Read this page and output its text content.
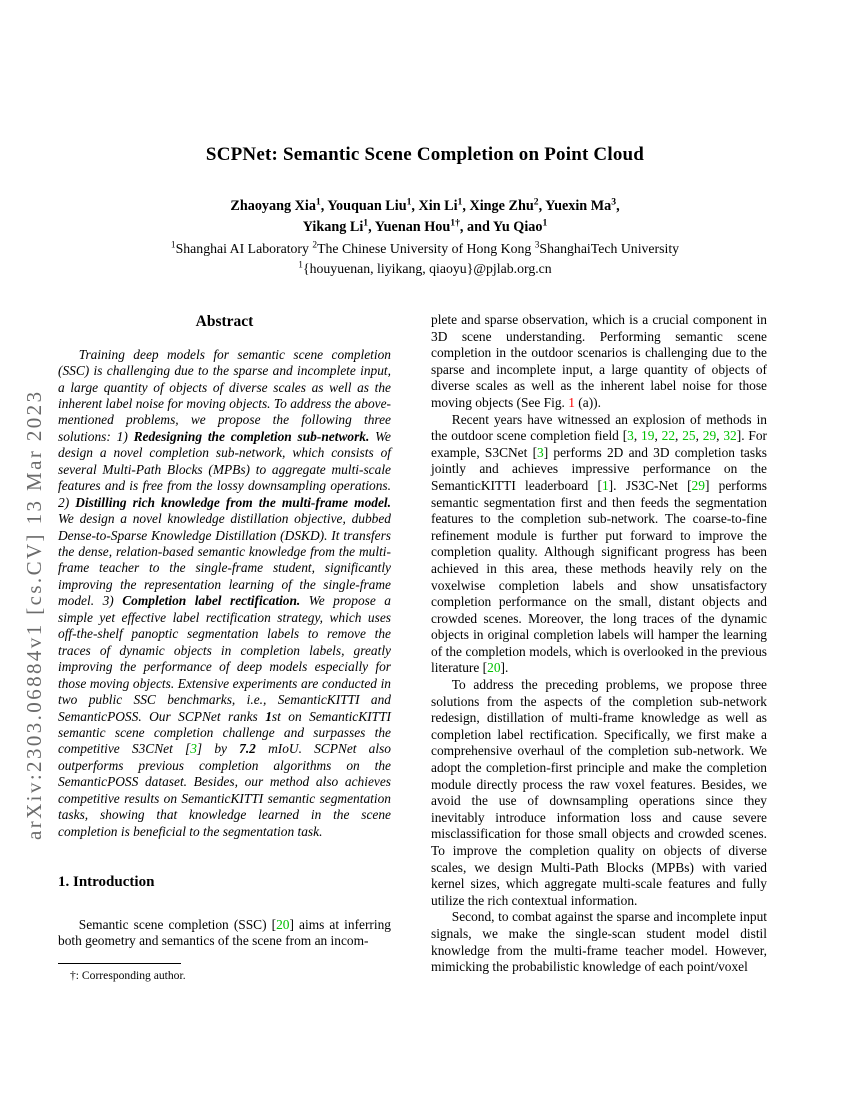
arXiv:2303.06884v1 [cs.CV] 13 Mar 2023
SCPNet: Semantic Scene Completion on Point Cloud
Zhaoyang Xia$^1$, Youquan Liu$^1$, Xin Li$^1$, Xinge Zhu$^2$, Yuexin Ma$^3$,
Yikang Li$^1$, Yuenan Hou$^{1\dagger}$, and Yu Qiao$^1$
$^1$Shanghai AI Laboratory $^2$The Chinese University of Hong Kong $^3$ShanghaiTech University
$^1${houyuenan, liyikang, qiaoyu}@pjlab.org.cn
Abstract

Training deep models for semantic scene completion (SSC) is challenging due to the sparse and incomplete input, a large quantity of objects of diverse scales as well as the inherent label noise for moving objects. To address the above-mentioned problems, we propose the following three solutions: 1) Redesigning the completion sub-network. We design a novel completion sub-network, which consists of several Multi-Path Blocks (MPBs) to aggregate multi-scale features and is free from the lossy downsampling operations. 2) Distilling rich knowledge from the multi-frame model. We design a novel knowledge distillation objective, dubbed Dense-to-Sparse Knowledge Distillation (DSKD). It transfers the dense, relation-based semantic knowledge from the multi-frame teacher to the single-frame student, significantly improving the representation learning of the single-frame model. 3) Completion label rectification. We propose a simple yet effective label rectification strategy, which uses off-the-shelf panoptic segmentation labels to remove the traces of dynamic objects in completion labels, greatly improving the performance of deep models especially for those moving objects. Extensive experiments are conducted in two public SSC benchmarks, i.e., SemanticKITTI and SemanticPOSS. Our SCPNet ranks 1st on SemanticKITTI semantic scene completion challenge and surpasses the competitive S3CNet [3] by 7.2 mIoU. SCPNet also outperforms previous completion algorithms on the SemanticPOSS dataset. Besides, our method also achieves competitive results on SemanticKITTI semantic segmentation tasks, showing that knowledge learned in the scene completion is beneficial to the segmentation task.

1. Introduction

Semantic scene completion (SSC) [20] aims at inferring both geometry and semantics of the scene from an incom-

†: Corresponding author.

plete and sparse observation, which is a crucial component in 3D scene understanding. Performing semantic scene completion in the outdoor scenarios is challenging due to the sparse and incomplete input, a large quantity of objects of diverse scales as well as the inherent label noise for those moving objects (See Fig. 1 (a)).

Recent years have witnessed an explosion of methods in the outdoor scene completion field [3, 19, 22, 25, 29, 32]. For example, S3CNet [3] performs 2D and 3D completion tasks jointly and achieves impressive performance on the SemanticKITTI leaderboard [1]. JS3C-Net [29] performs semantic segmentation first and then feeds the segmentation features to the completion sub-network. The coarse-to-fine refinement module is further put forward to improve the completion quality. Although significant progress has been achieved in this area, these methods heavily rely on the voxelwise completion labels and show unsatisfactory completion performance on the small, distant objects and crowded scenes. Moreover, the long traces of the dynamic objects in original completion labels will hamper the learning of the completion models, which is overlooked in the previous literature [20].

To address the preceding problems, we propose three solutions from the aspects of the completion sub-network redesign, distillation of multi-frame knowledge as well as completion label rectification. Specifically, we first make a comprehensive overhaul of the completion sub-network. We adopt the completion-first principle and make the completion module directly process the raw voxel features. Besides, we avoid the use of downsampling operations since they inevitably introduce information loss and cause severe misclassification for those small objects and crowded scenes. To improve the completion quality on objects of diverse scales, we design Multi-Path Blocks (MPBs) with varied kernel sizes, which aggregate multi-scale features and fully utilize the rich contextual information.

Second, to combat against the sparse and incomplete input signals, we make the single-scan student model distil knowledge from the multi-frame teacher model. However, mimicking the probabilistic knowledge of each point/voxel
